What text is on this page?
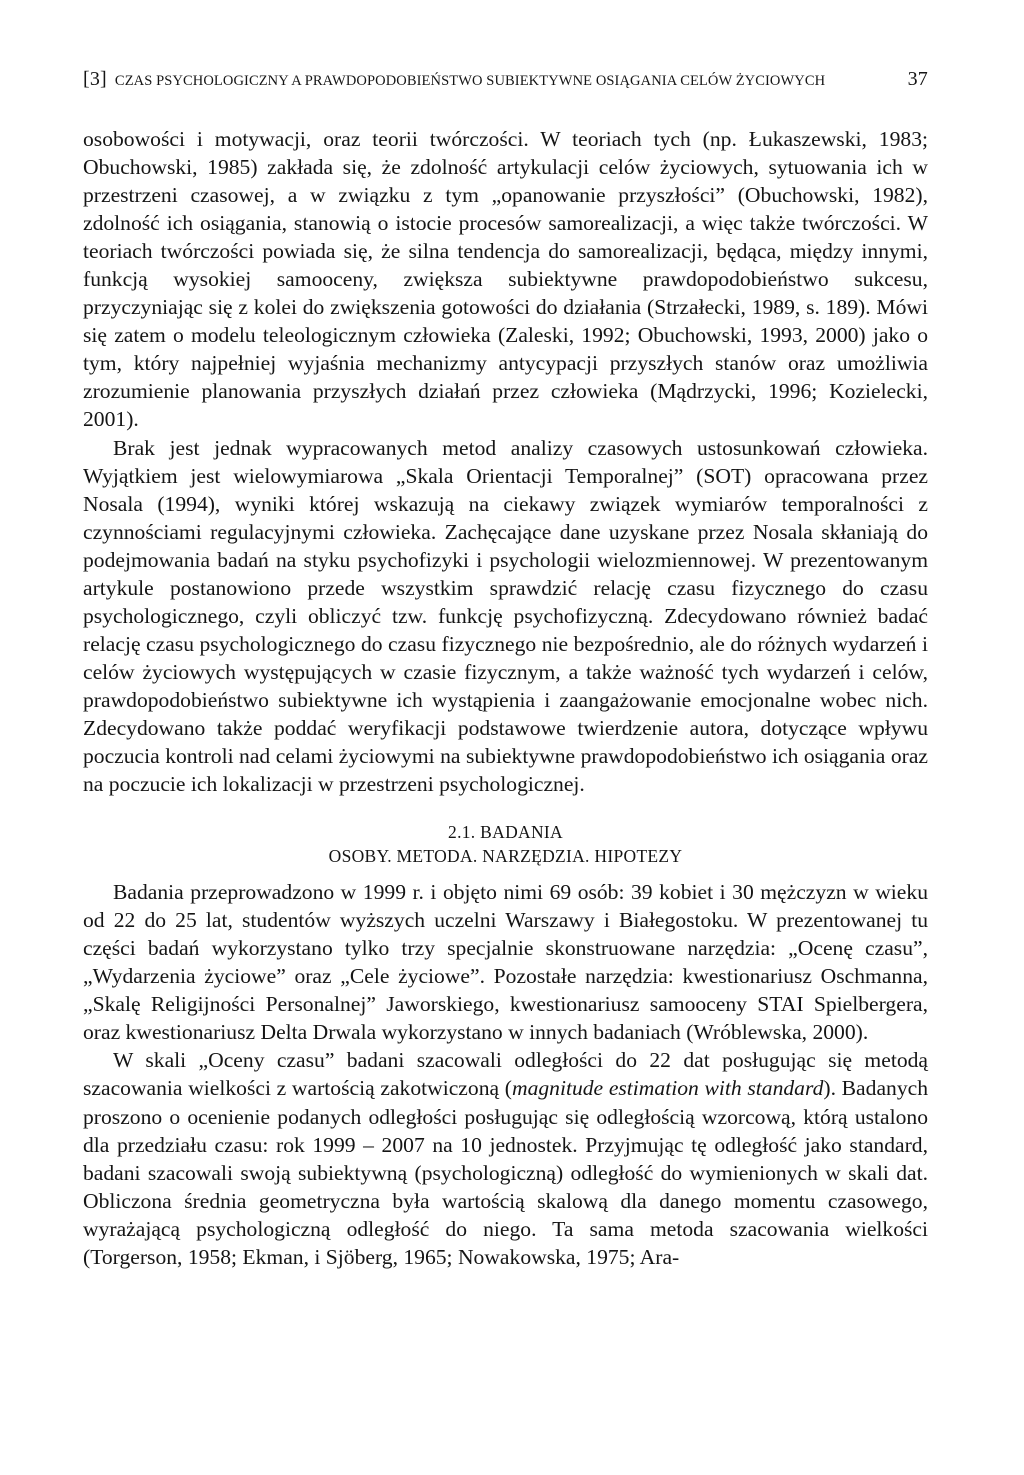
[3] CZAS PSYCHOLOGICZNY A PRAWDOPODOBIEŃSTWO SUBIEKTYWNE OSIĄGANIA CELÓW ŻYCIOWYCH	37

osobowości i motywacji, oraz teorii twórczości. W teoriach tych (np. Łukaszewski, 1983; Obuchowski, 1985) zakłada się, że zdolność artykulacji celów życiowych, sytuowania ich w przestrzeni czasowej, a w związku z tym „opanowanie przyszłości” (Obuchowski, 1982), zdolność ich osiągania, stanowią o istocie procesów samorealizacji, a więc także twórczości. W teoriach twórczości powiada się, że silna tendencja do samorealizacji, będąca, między innymi, funkcją wysokiej samooceny, zwiększa subiektywne prawdopodobieństwo sukcesu, przyczyniając się z kolei do zwiększenia gotowości do działania (Strzałecki, 1989, s. 189). Mówi się zatem o modelu teleologicznym człowieka (Zaleski, 1992; Obuchowski, 1993, 2000) jako o tym, który najpełniej wyjaśnia mechanizmy antycypacji przyszłych stanów oraz umożliwia zrozumienie planowania przyszłych działań przez człowieka (Mądrzycki, 1996; Kozielecki, 2001).

Brak jest jednak wypracowanych metod analizy czasowych ustosunkowań człowieka. Wyjątkiem jest wielowymiarowa „Skala Orientacji Temporalnej” (SOT) opracowana przez Nosala (1994), wyniki której wskazują na ciekawy związek wymiarów temporalności z czynnościami regulacyjnymi człowieka. Zachęcające dane uzyskane przez Nosala skłaniają do podejmowania badań na styku psychofizyki i psychologii wielozmiennowej. W prezentowanym artykule postanowiono przede wszystkim sprawdzić relację czasu fizycznego do czasu psychologicznego, czyli obliczyć tzw. funkcję psychofizyczną. Zdecydowano również badać relację czasu psychologicznego do czasu fizycznego nie bezpośrednio, ale do różnych wydarzeń i celów życiowych występujących w czasie fizycznym, a także ważność tych wydarzeń i celów, prawdopodobieństwo subiektywne ich wystąpienia i zaangażowanie emocjonalne wobec nich. Zdecydowano także poddać weryfikacji podstawowe twierdzenie autora, dotyczące wpływu poczucia kontroli nad celami życiowymi na subiektywne prawdopodobieństwo ich osiągania oraz na poczucie ich lokalizacji w przestrzeni psychologicznej.

2.1. BADANIA
OSOBY. METODA. NARZĘDZIA. HIPOTEZY

Badania przeprowadzono w 1999 r. i objęto nimi 69 osób: 39 kobiet i 30 mężczyzn w wieku od 22 do 25 lat, studentów wyższych uczelni Warszawy i Białegostoku. W prezentowanej tu części badań wykorzystano tylko trzy specjalnie skonstruowane narzędzia: „Ocenę czasu”, „Wydarzenia życiowe” oraz „Cele życiowe”. Pozostałe narzędzia: kwestionariusz Oschmanna, „Skalę Religijności Personalnej” Jaworskiego, kwestionariusz samooceny STAI Spielbergera, oraz kwestionariusz Delta Drwala wykorzystano w innych badaniach (Wróblewska, 2000).

W skali „Oceny czasu” badani szacowali odległości do 22 dat posługując się metodą szacowania wielkości z wartością zakotwiczoną (magnitude estimation with standard). Badanych proszono o ocenienie podanych odległości posługując się odległością wzorcową, którą ustalono dla przedziału czasu: rok 1999 – 2007 na 10 jednostek. Przyjmując tę odległość jako standard, badani szacowali swoją subiektywną (psychologiczną) odległość do wymienionych w skali dat. Obliczona średnia geometryczna była wartością skalową dla danego momentu czasowego, wyrażającą psychologiczną odległość do niego. Ta sama metoda szacowania wielkości (Torgerson, 1958; Ekman, i Sjöberg, 1965; Nowakowska, 1975; Ara-
